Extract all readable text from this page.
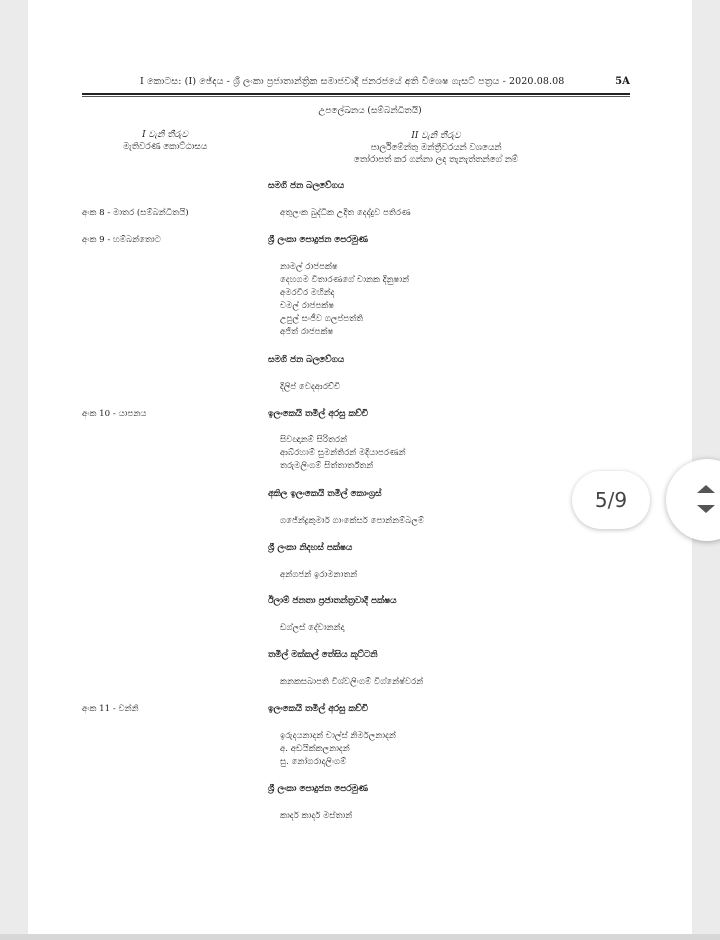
I කොටස: (I) ඡේදය - ශ්‍රී ලංකා ප්‍රජාතාන්ත්‍රික සමාජවාදී ජනරජයේ අති විශෙෂ ගැසට් පත්‍රය - 2020.08.08	5A
උපලේඛනය (සම්බන්ධිතයි)
I වැනි තීරුව
මැතිවරණ කොට්ඨාසය
II වැනි තීරුව
පාර්ලිමේන්තු මන්ත්‍රීවරයන් වශයෙන්
තෝරාපත් කර ගන්නා ලද තැනැත්තන්ගේ නම්
සමගි ජන බලවේගය
අංක 8 - මාතර (සම්බන්ධිතයි)	අතුලංක බුද්ධික උදිත දෙද්දුව පතිරණ
අංක 9 - හම්බන්තොට	ශ්‍රී ලංකා පොදුජන පෙරමුණ
නාමල් රාජපක්ෂ
දෙහගම විතාරණගේ චානක දිනුෂාන්
අමරවීර මහින්ද
චමල් රාජපක්ෂ
උපුල් සංජීව ගලප්පත්ති
අජිත් රාජපක්ෂ
සමගි ජන බලවේගය
දිලිප් වෙදආරච්චි
අංක 10 - යාපනය	ඉලංකෙයි තමිල් අරසු කච්චි
සිවඥානම් සිරිතරන්
ආබ්රහාම් සුමන්තිරන් මදියාපරණන්
තරුමලිංගම් සිත්තාර්ත්තන්
අකිල ඉලංකෙයි තමිල් කොංග්‍රස්
ගජේන්ද්‍රකුමාර් ගාංකේසර් පොන්නම්බලම්
ශ්‍රී ලංකා නිදහස් පක්ෂය
අන්ගජන් ඉරාමනාතන්
ඊලාම් ජනතා ප්‍රජාතන්ත්‍රවාදී පක්ෂය
ඩග්ලස් දේවානන්දා
තමිල් මක්කල් තේසිය කූට්ටනි
කනකසබාපති විශ්වලිංගම් විග්නේෂ්වරන්
අංක 11 - වන්නි	ඉලංකෙයි තමිල් අරසු කච්චි
ඉරුදයනාදන් චාල්ස් නිර්මලනාදන්
අ. අඩයික්කලනාදන්
සු. නෝගරාදලිංගම්
ශ්‍රී ලංකා පොදුජන පෙරමුණ
කාදර් කාදර් මස්තාන්
5/9
